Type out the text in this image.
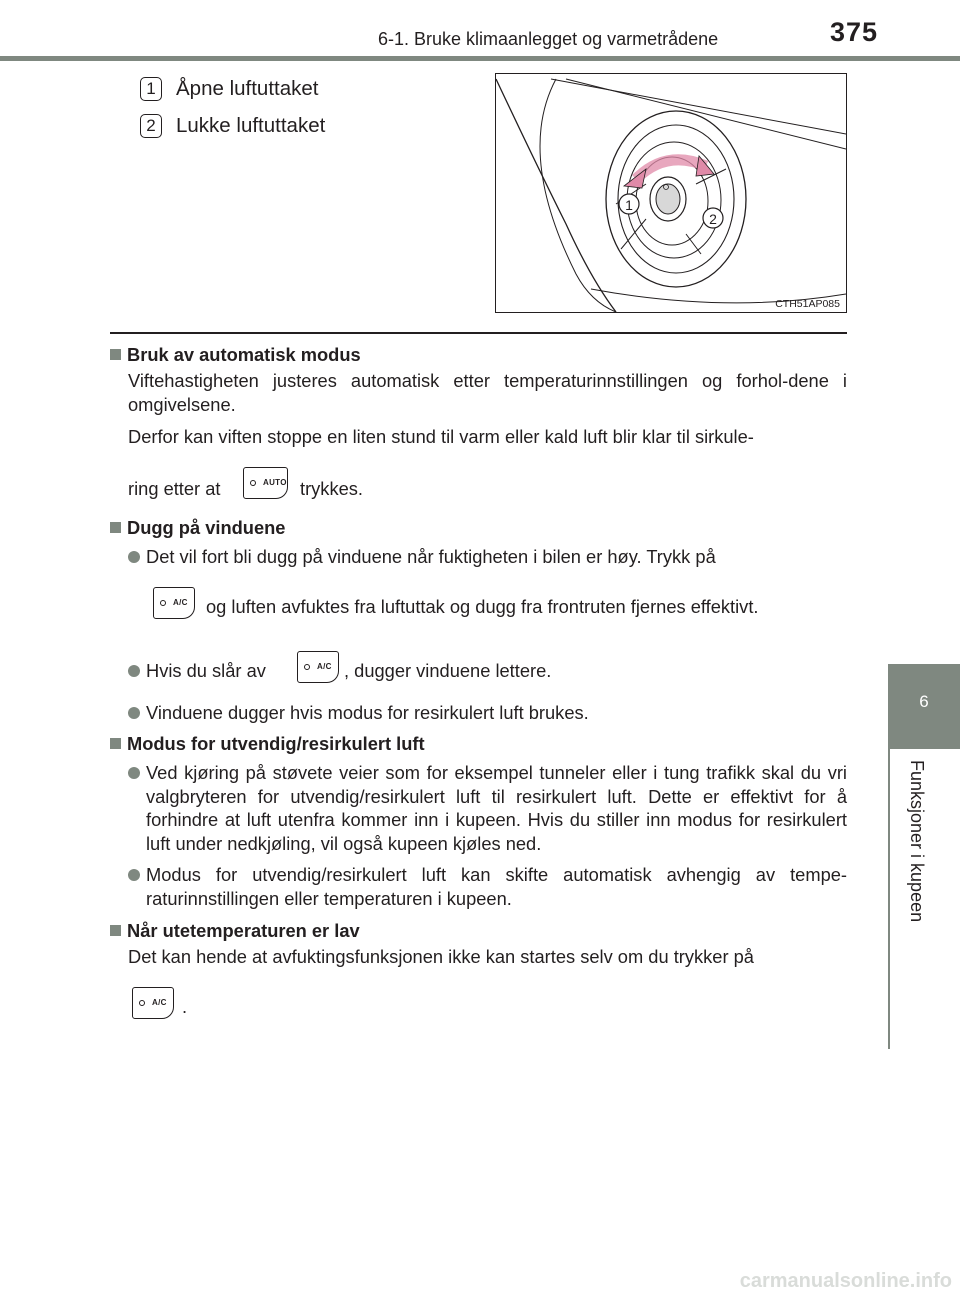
6-1. Bruke klimaanlegget og varmetrådene	375
6
Funksjoner i kupeen
1 Åpne luftuttaket
2 Lukke luftuttaket
1
2
CTH51AP085
Bruk av automatisk modus
Viftehastigheten justeres automatisk etter temperaturinnstillingen og forhol-dene i omgivelsene.
Derfor kan viften stoppe en liten stund til varm eller kald luft blir klar til sirkule-
ring etter at	AUTO trykkes.
Dugg på vinduene
Det vil fort bli dugg på vinduene når fuktigheten i bilen er høy. Trykk på
A/C og luften avfuktes fra luftuttak og dugg fra frontruten fjernes effektivt.
Hvis du slår av	A/C , dugger vinduene lettere.
Vinduene dugger hvis modus for resirkulert luft brukes.
Modus for utvendig/resirkulert luft
Ved kjøring på støvete veier som for eksempel tunneler eller i tung trafikk skal du vri valgbryteren for utvendig/resirkulert luft til resirkulert luft. Dette er effektivt for å forhindre at luft utenfra kommer inn i kupeen. Hvis du stiller inn modus for resirkulert luft under nedkjøling, vil også kupeen kjøles ned.
Modus for utvendig/resirkulert luft kan skifte automatisk avhengig av tempe-raturinnstillingen eller temperaturen i kupeen.
Når utetemperaturen er lav
Det kan hende at avfuktingsfunksjonen ikke kan startes selv om du trykker på
A/C .
carmanualsonline.info
